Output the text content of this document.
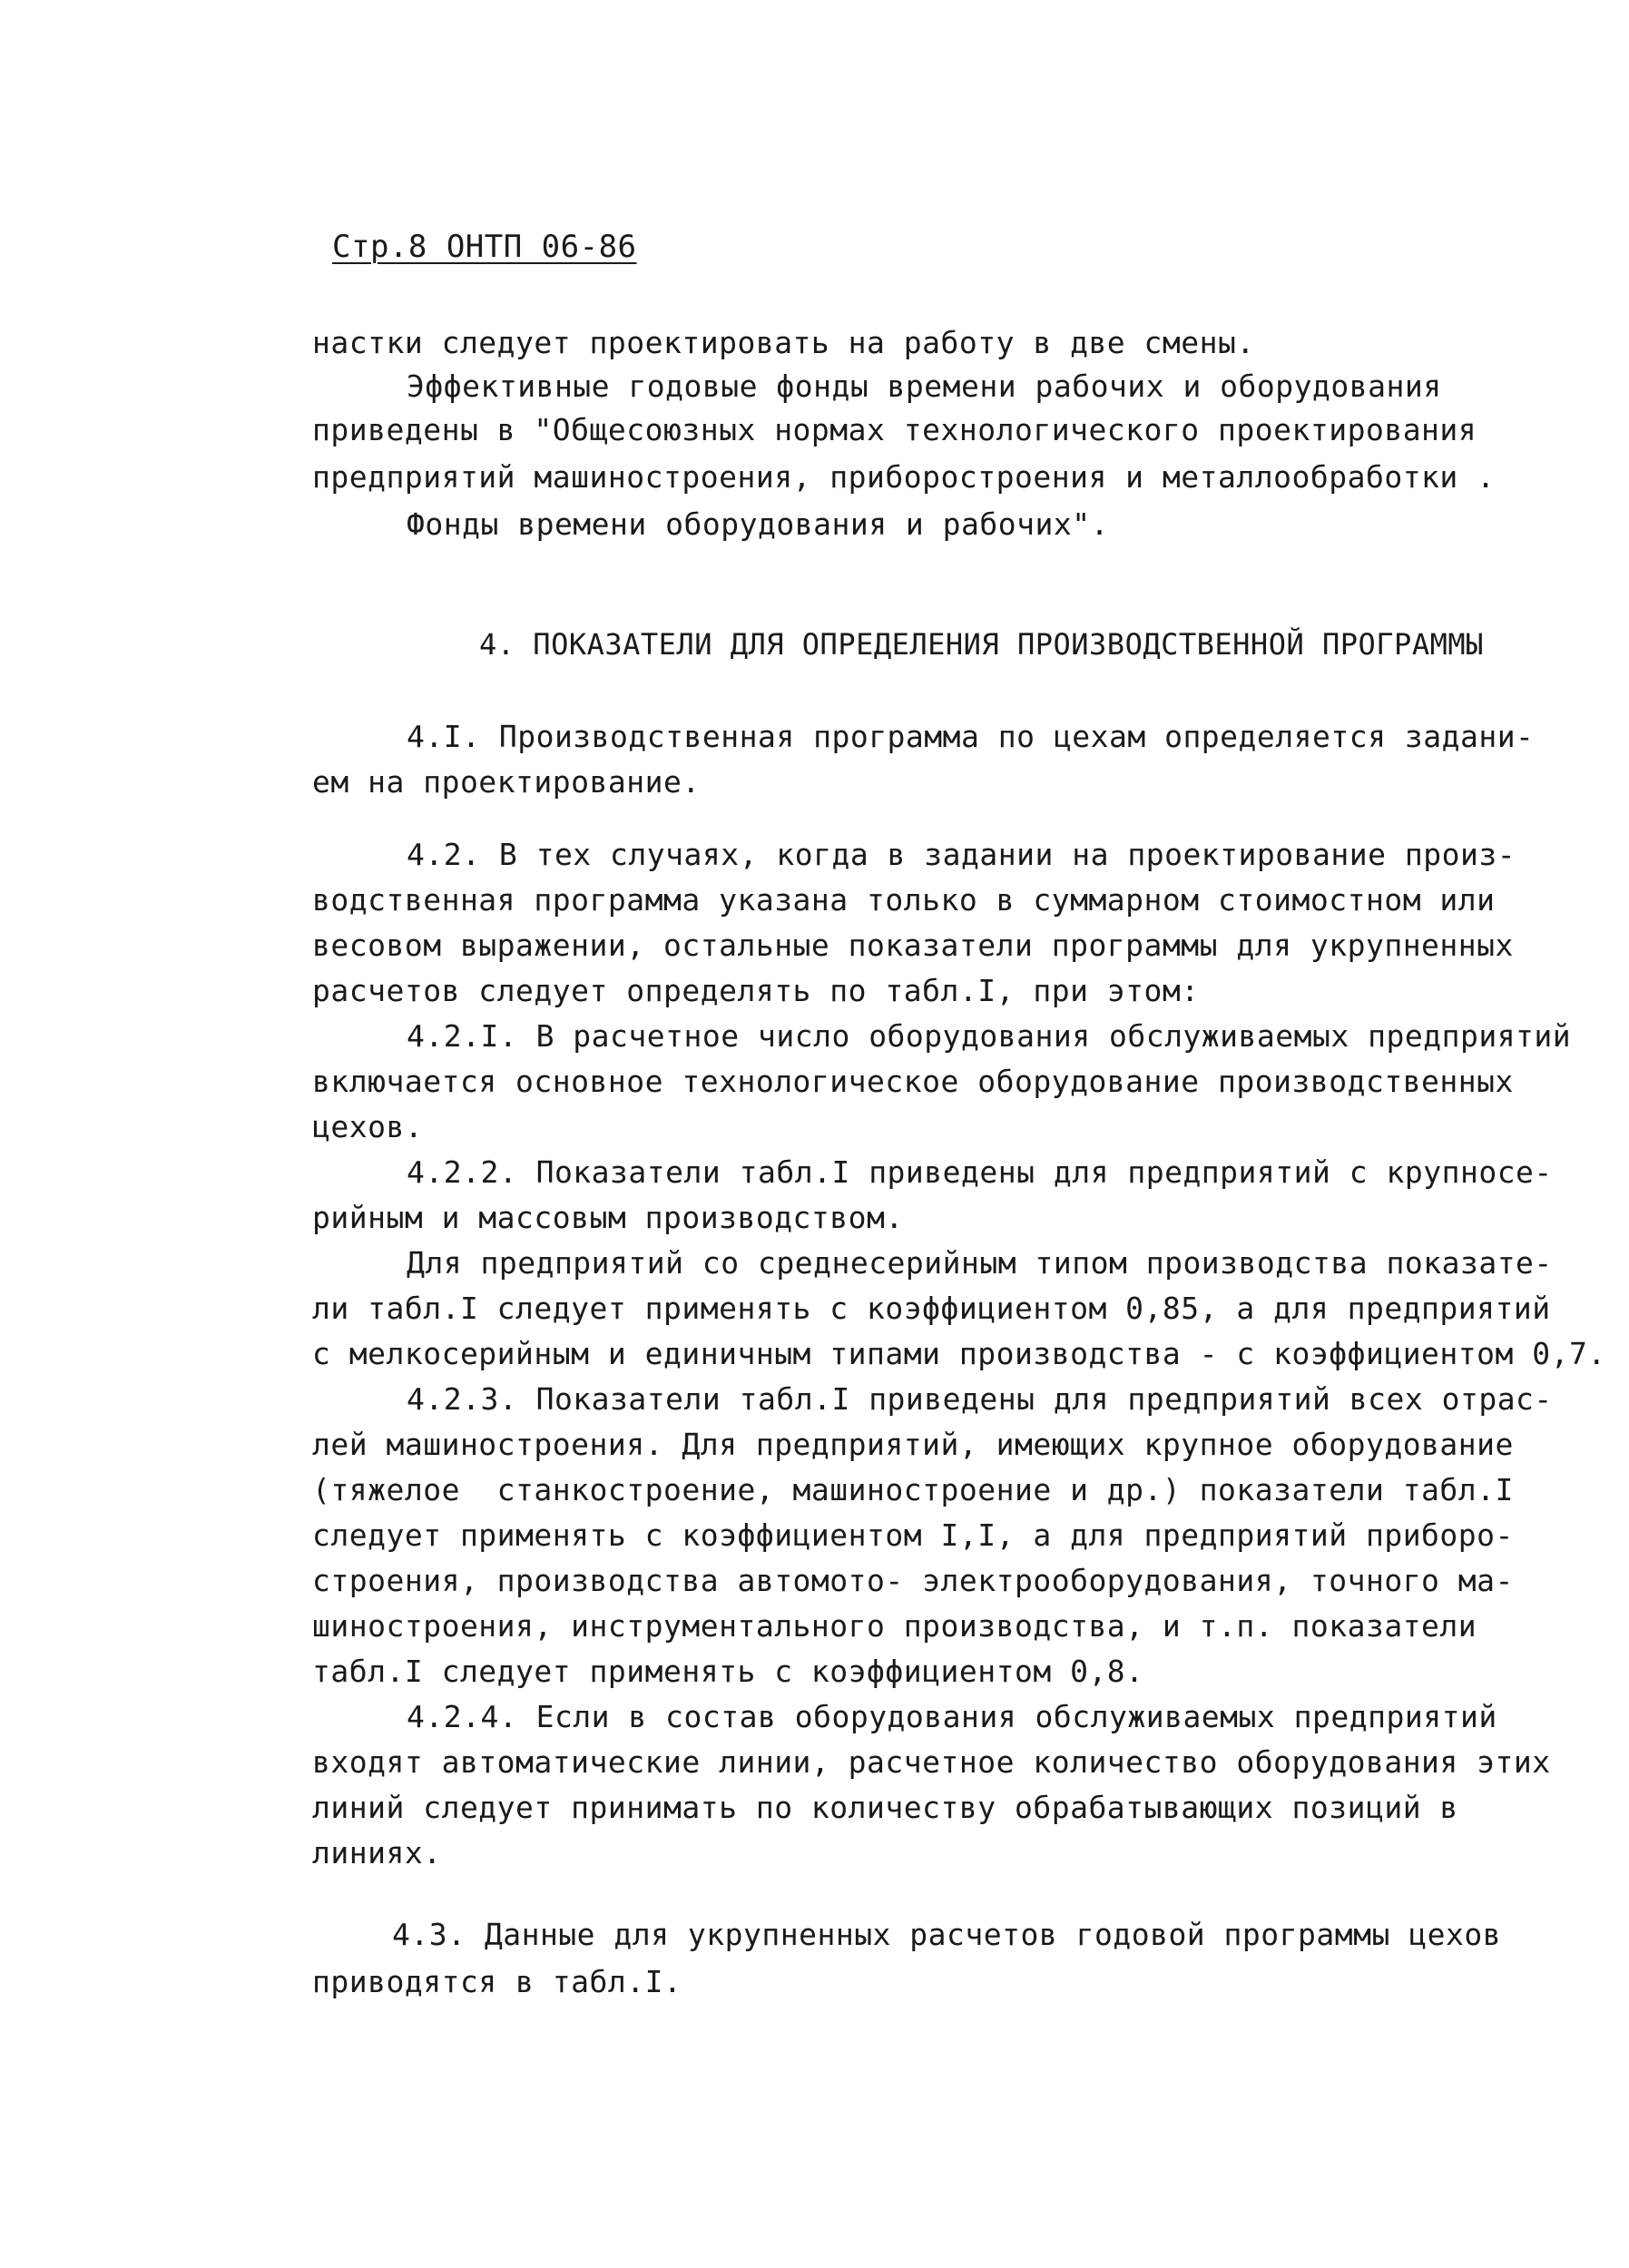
Стр.8 ОНТП 06-86
настки следует проектировать на работу в две смены.
Эффективные годовые фонды времени рабочих и оборудования
приведены в "Общесоюзных нормах технологического проектирования
предприятий машиностроения, приборостроения и металлообработки .
Фонды времени оборудования и рабочих".
4. ПОКАЗАТЕЛИ ДЛЯ ОПРЕДЕЛЕНИЯ ПРОИЗВОДСТВЕННОЙ ПРОГРАММЫ
4.I. Производственная программа по цехам определяется задани-
ем на проектирование.
4.2. В тех случаях, когда в задании на проектирование произ-
водственная программа указана только в суммарном стоимостном или
весовом выражении, остальные показатели программы для укрупненных
расчетов следует определять по табл.I, при этом:
4.2.I. В расчетное число оборудования обслуживаемых предприятий
включается основное технологическое оборудование производственных
цехов.
4.2.2. Показатели табл.I приведены для предприятий с крупносе-
рийным и массовым производством.
Для предприятий со среднесерийным типом производства показате-
ли табл.I следует применять с коэффициентом 0,85, а для предприятий
с мелкосерийным и единичным типами производства - с коэффициентом 0,7.
4.2.3. Показатели табл.I приведены для предприятий всех отрас-
лей машиностроения. Для предприятий, имеющих крупное оборудование
(тяжелое  станкостроение, машиностроение и др.) показатели табл.I
следует применять с коэффициентом I,I, а для предприятий приборо-
строения, производства автомото- электрооборудования, точного ма-
шиностроения, инструментального производства, и т.п. показатели
табл.I следует применять с коэффициентом 0,8.
4.2.4. Если в состав оборудования обслуживаемых предприятий
входят автоматические линии, расчетное количество оборудования этих
линий следует принимать по количеству обрабатывающих позиций в
линиях.
4.3. Данные для укрупненных расчетов годовой программы цехов
приводятся в табл.I.
